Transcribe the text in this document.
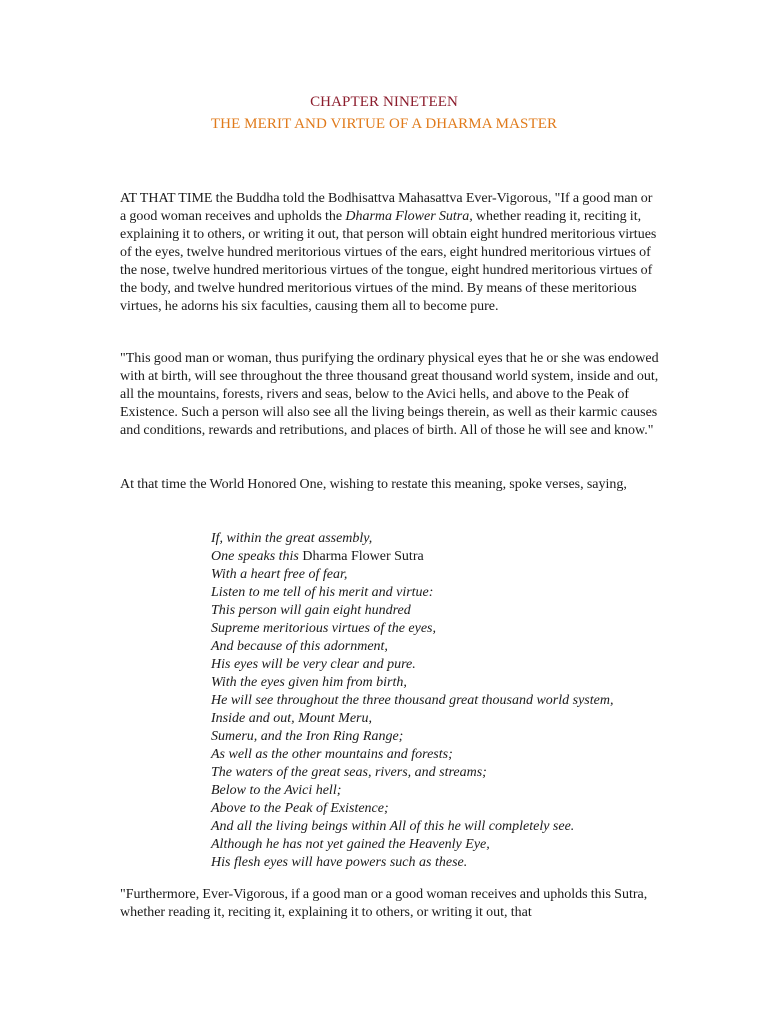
CHAPTER NINETEEN
THE MERIT AND VIRTUE OF A DHARMA MASTER

AT THAT TIME the Buddha told the Bodhisattva Mahasattva Ever-Vigorous, "If a good man or a good woman receives and upholds the Dharma Flower Sutra, whether reading it, reciting it, explaining it to others, or writing it out, that person will obtain eight hundred meritorious virtues of the eyes, twelve hundred meritorious virtues of the ears, eight hundred meritorious virtues of the nose, twelve hundred meritorious virtues of the tongue, eight hundred meritorious virtues of the body, and twelve hundred meritorious virtues of the mind. By means of these meritorious virtues, he adorns his six faculties, causing them all to become pure.

"This good man or woman, thus purifying the ordinary physical eyes that he or she was endowed with at birth, will see throughout the three thousand great thousand world system, inside and out, all the mountains, forests, rivers and seas, below to the Avici hells, and above to the Peak of Existence. Such a person will also see all the living beings therein, as well as their karmic causes and conditions, rewards and retributions, and places of birth. All of those he will see and know."

At that time the World Honored One, wishing to restate this meaning, spoke verses, saying,

If, within the great assembly,
One speaks this Dharma Flower Sutra
With a heart free of fear,
Listen to me tell of his merit and virtue:
This person will gain eight hundred
Supreme meritorious virtues of the eyes,
And because of this adornment,
His eyes will be very clear and pure.
With the eyes given him from birth,
He will see throughout the three thousand great thousand world system,
Inside and out, Mount Meru,
Sumeru, and the Iron Ring Range;
As well as the other mountains and forests;
The waters of the great seas, rivers, and streams;
Below to the Avici hell;
Above to the Peak of Existence;
And all the living beings within All of this he will completely see.
Although he has not yet gained the Heavenly Eye,
His flesh eyes will have powers such as these.

"Furthermore, Ever-Vigorous, if a good man or a good woman receives and upholds this Sutra, whether reading it, reciting it, explaining it to others, or writing it out, that
